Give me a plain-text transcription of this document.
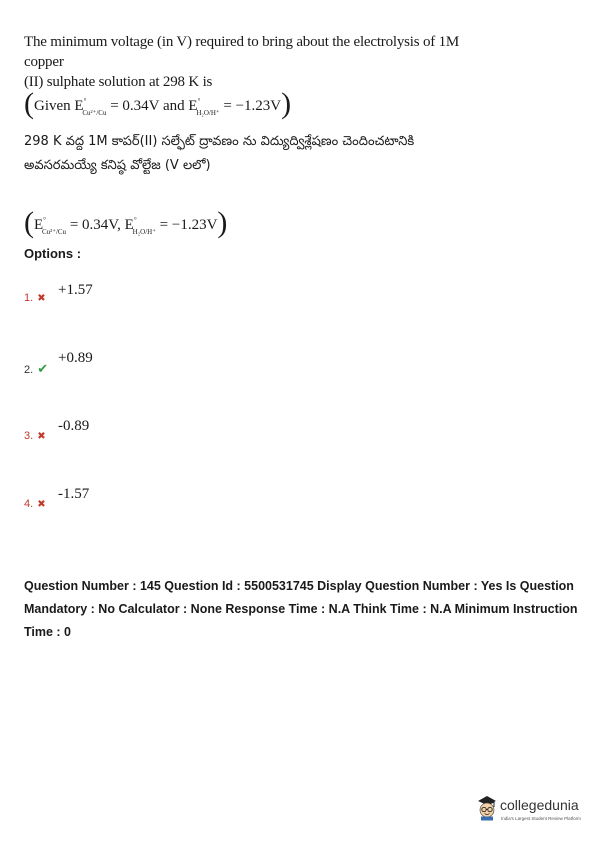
The minimum voltage (in V) required to bring about the electrolysis of 1M copper
(II) sulphate solution at 298 K is
(Given $E^\circ_{Cu^{2+}/Cu} = 0.34V$ and $E^\circ_{H_2O/H^+} = -1.23V$)
298 K వద్ద 1M కాపర్(II) సల్ఫేట్ ద్రావణం ను విద్యుద్విశ్లేషణం చెందించటానికి
అవసరమయ్యే కనిష్ఠ వోల్టేజ (V లలో)
($E^\circ_{Cu^{2+}/Cu} = 0.34V$, $E^\circ_{H_2O/H^+} = -1.23V$)
Options :
1. ✖
+1.57
2. ✔
+0.89
3. ✖
-0.89
4. ✖
-1.57
Question Number : 145 Question Id : 5500531745 Display Question Number : Yes Is Question
Mandatory : No Calculator : None Response Time : N.A Think Time : N.A Minimum Instruction
Time : 0
collegedunia
India's Largest Student Review Platform
